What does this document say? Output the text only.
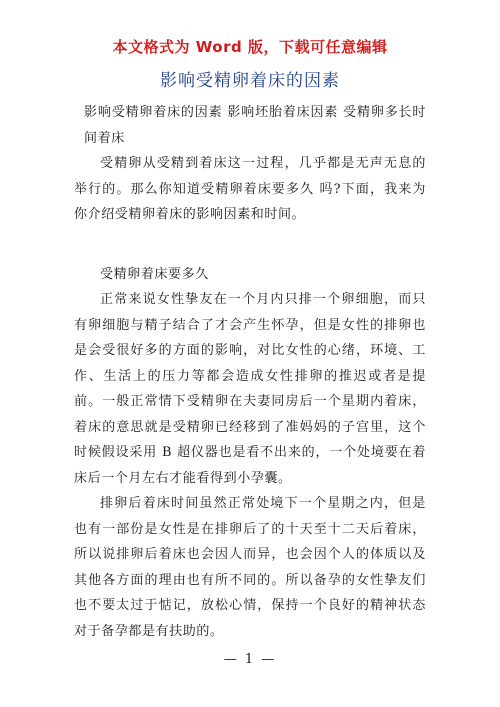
本文格式为 Word 版，下载可任意编辑
影响受精卵着床的因素

影响受精卵着床的因素 影响坯胎着床因素 受精卵多长时间着床

受精卵从受精到着床这一过程，几乎都是无声无息的举行的。那么你知道受精卵着床要多久 吗?下面，我来为你介绍受精卵着床的影响因素和时间。

受精卵着床要多久

正常来说女性挚友在一个月内只排一个卵细胞，而只有卵细胞与精子结合了才会产生怀孕，但是女性的排卵也是会受很好多的方面的影响，对比女性的心绪，环境、工作、生活上的压力等都会造成女性排卵的推迟或者是提前。一般正常情下受精卵在夫妻同房后一个星期内着床，着床的意思就是受精卵已经移到了准妈妈的子宫里，这个时候假设采用 B 超仪器也是看不出来的，一个处境要在着床后一个月左右才能看得到小孕囊。

排卵后着床时间虽然正常处境下一个星期之内，但是也有一部份是女性是在排卵后了的十天至十二天后着床，所以说排卵后着床也会因人而异，也会因个人的体质以及其他各方面的理由也有所不同的。所以备孕的女性挚友们也不要太过于惦记，放松心情，保持一个良好的精神状态对于备孕都是有扶助的。

— 1 —
